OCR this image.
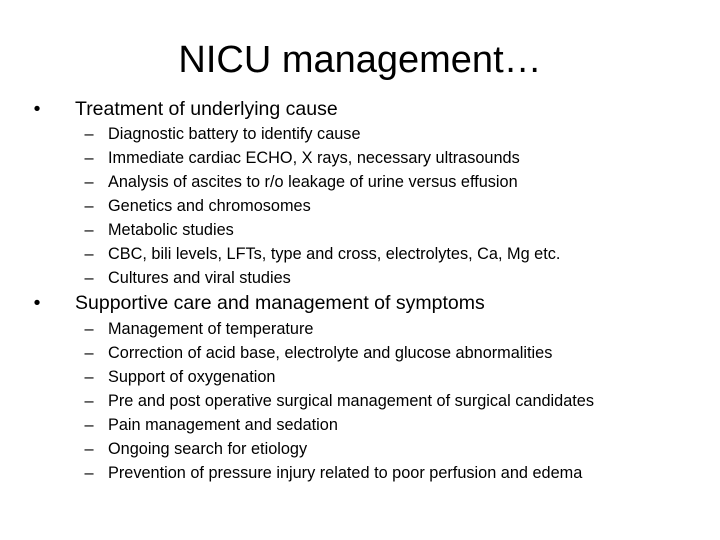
NICU management…
• Treatment of underlying cause
– Diagnostic battery to identify cause
– Immediate cardiac ECHO, X rays, necessary ultrasounds
– Analysis of ascites to r/o leakage of urine versus effusion
– Genetics and chromosomes
– Metabolic studies
– CBC, bili levels, LFTs, type and cross, electrolytes, Ca, Mg etc.
– Cultures and viral studies
• Supportive care and management of symptoms
– Management of temperature
– Correction of acid base, electrolyte and glucose abnormalities
– Support of oxygenation
– Pre and post operative surgical management of surgical candidates
– Pain management and sedation
– Ongoing search for etiology
– Prevention of pressure injury related to poor perfusion and edema
